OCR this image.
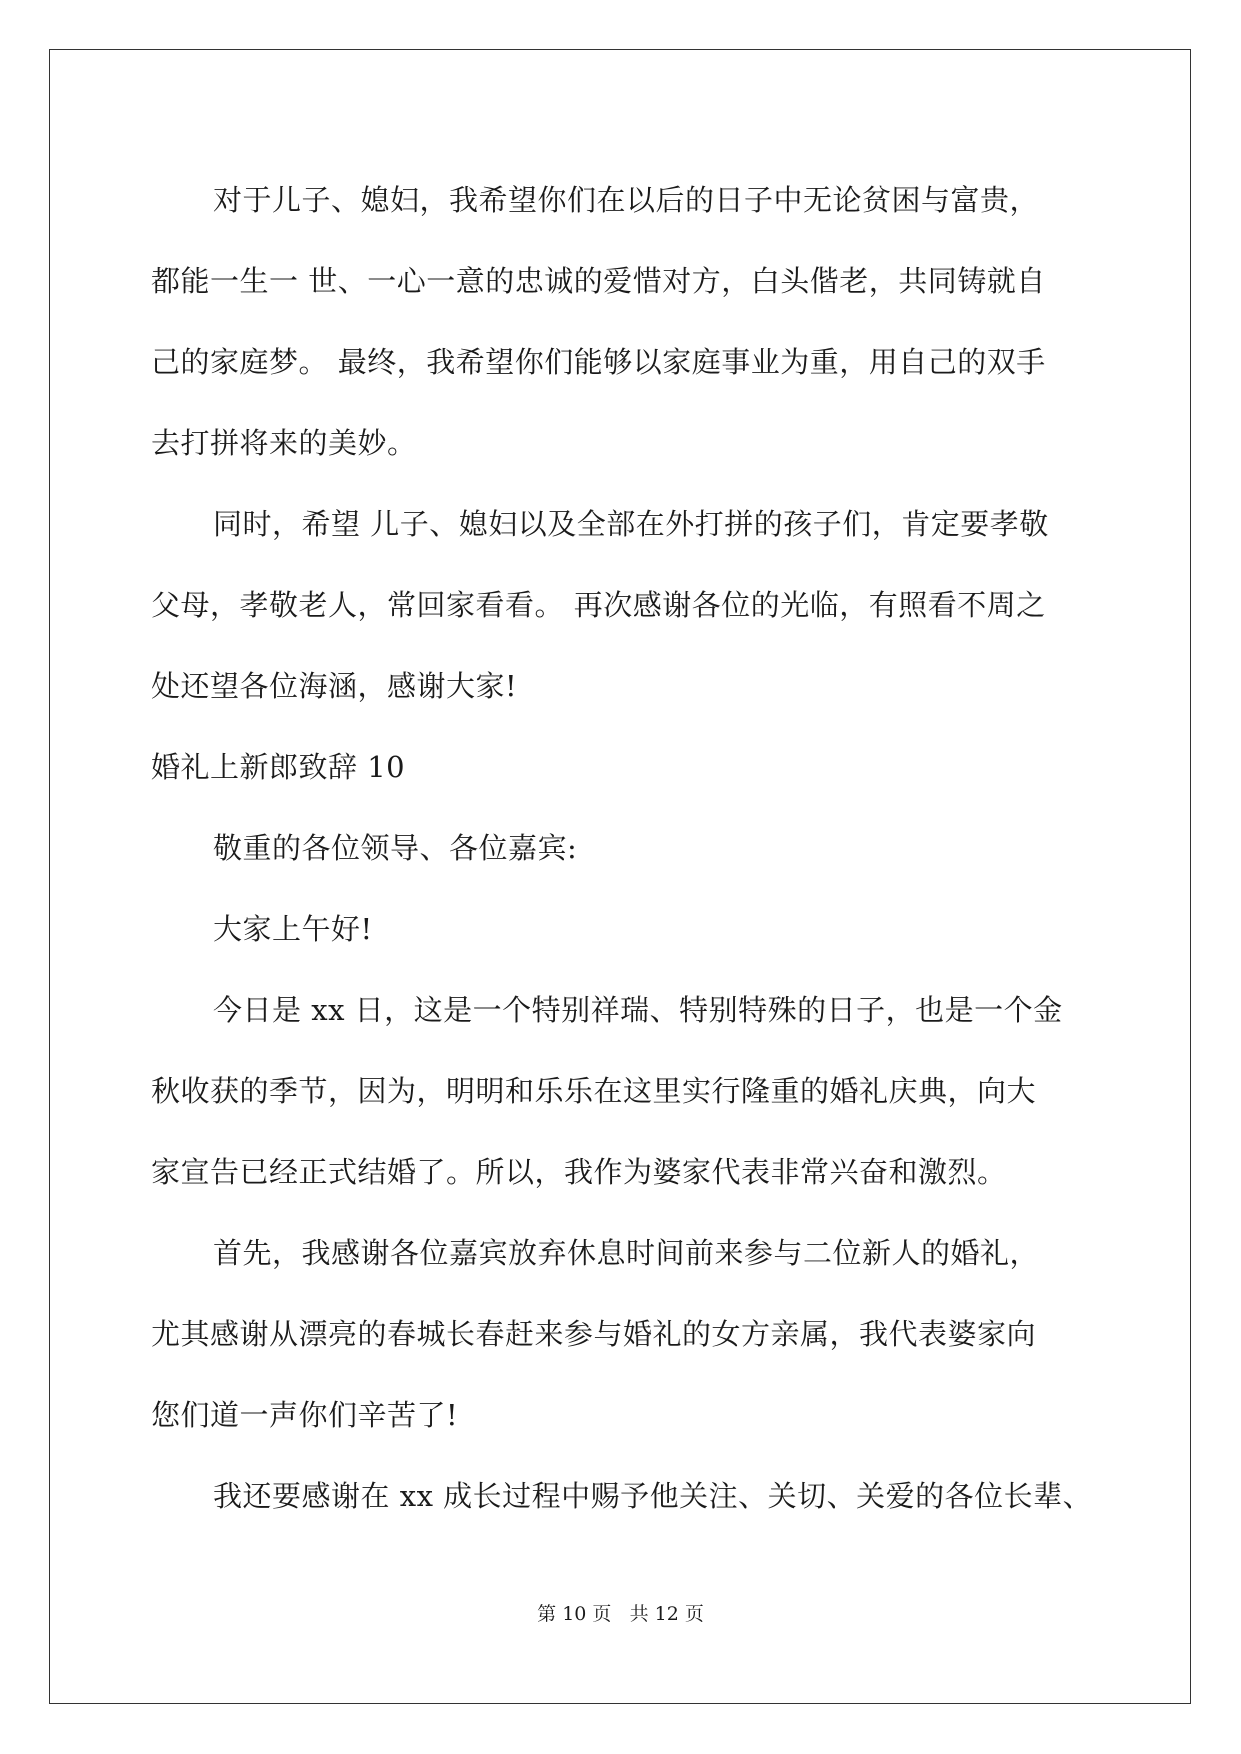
对于儿子、媳妇，我希望你们在以后的日子中无论贫困与富贵，
都能一生一 世、一心一意的忠诚的爱惜对方，白头偕老，共同铸就自
己的家庭梦。 最终，我希望你们能够以家庭事业为重，用自己的双手
去打拼将来的美妙。
同时，希望 儿子、媳妇以及全部在外打拼的孩子们，肯定要孝敬
父母，孝敬老人，常回家看看。 再次感谢各位的光临，有照看不周之
处还望各位海涵，感谢大家!
婚礼上新郎致辞 10
敬重的各位领导、各位嘉宾:
大家上午好!
今日是 xx 日，这是一个特别祥瑞、特别特殊的日子，也是一个金
秋收获的季节，因为，明明和乐乐在这里实行隆重的婚礼庆典，向大
家宣告已经正式结婚了。所以，我作为婆家代表非常兴奋和激烈。
首先，我感谢各位嘉宾放弃休息时间前来参与二位新人的婚礼，
尤其感谢从漂亮的春城长春赶来参与婚礼的女方亲属，我代表婆家向
您们道一声你们辛苦了!
我还要感谢在 xx 成长过程中赐予他关注、关切、关爱的各位长辈、
第 10 页 共 12 页
